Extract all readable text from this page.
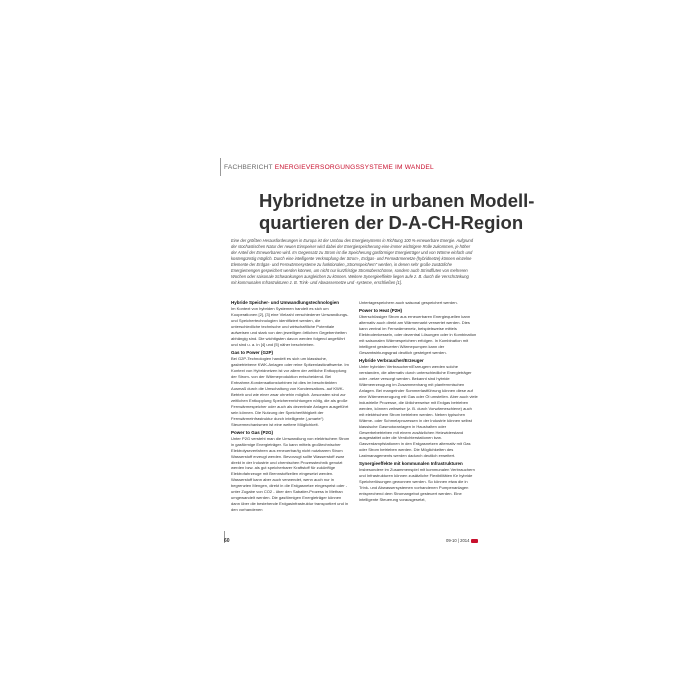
FACHBERICHT ENERGIEVERSORGUNGSSYSTEME IM WANDEL
Hybridnetze in urbanen Modell-
quartieren der D-A-CH-Region

Eine der größten Herausforderungen in Europa ist der Umbau des Energiesystems in Richtung 100 % erneuerbare Energie. Aufgrund der stochastischen Natur der neuen Einspeiser wird dabei der Energiespeicherung eine immer wichtigere Rolle zukommen, je höher der Anteil der Erneuerbaren wird. Im Gegensatz zu Strom ist die Speicherung gasförmiger Energieträger und von Wärme einfach und kostengünstig möglich. Durch eine intelligente Verknüpfung der Strom-, Erdgas- und Fernwärmenetze (hybridnetze) können einzelne Elemente der Erdgas- und Fernwärmesysteme zu funktionalen „Stromspeichern“ werden, in denen sehr große zusätzliche Energiemengen gespeichert werden können, um nicht nur kurzfristige Stromüberschüsse, sondern auch Strindfluten von mehreren Wochen oder saisonale Schwankungen ausgleichen zu können. Weitere Synergieeffekte liegen aufe z. B. durch die Verschränkung mit kommunalen Infrastrukturen z. B. Trink- und Abwassernetze und -systeme, erschließen [1].

Hybride Speicher- und Umwandlungstechnologien

Im Kontext von hybriden Systemen handelt es sich um Kooperationen [2], [3] eine Vielzahl verschiedener Umwandlungs- und Speichertechnologien identifiziert werden, die unterschiedliche technische und wirtschaftliche Potentiale aufweisen und stark von den jeweiligen örtlichen Gegebenheiten abhängig sind. Die wichtigsten davon werden folgend angeführt und sind u. a. in [4] und [5] näher beschrieben.

Gas to Power (G2P)

Bei G2P-Technologien handelt es sich um klassische, gasbetriebene KWK-Anlagen oder reine Spitzenlastkraftwerke. Im Kontext von Hybridnetzen ist vor allem der zeitliche Entkopplung der Strom- von der Wärmeproduktion entscheidend. Bei Entnahme-Kondensationsturbinen ist dies im beschränkten Ausmaß durch die Umschaltung von Kondensations- auf KWK-Betrieb und wie einer zwar ohnehin möglich. Ansonsten sind zur zeitlichen Entkopplung Speicherenrichtungen nötig, die als große Fernwärmespeicher oder auch als dezentrale Anlagen ausgeführt sein können. Die Nutzung der Speicherfähigkeit der Fernwärmeinfrastruktur durch intelligente („smarte“) Steuermechanismen ist eine weitere Möglichkeit.

Power to Gas (P2G)

Unter P2G versteht man die Umwandlung von elektrischem Strom in gasförmige Energieträger. So kann mittels großtechnischer Elektrolyseverfahren aus erneuerbar/ig nicht nutzbarem Strom Wasserstoff erzeugt werden. Bevorzugt sollte Wasserstoff zwar direkt in der Industrie und chemischen Prozesstechnik genutzt werden bzw. als gut speicherbarer Kraftstoff für zukünftige Elektrofahrzeuge mit Brennstoffzellen eingesetzt werden. Wasserstoff kann aber auch verwendet, wenn auch nur in begrenzten Mengen, direkt in die Erdgasnetze eingespeist oder - unter Zugabe von CO2 - über den Sabatier-Prozess in Methan umgewandelt werden. Die gasförmigen Energieträger können dann über die bestehende Erdgasinfrastruktur transportiert und in den vorhandenen

Untertagespeichern auch saisonal gespeichert werden.

Power to Heat (P2H)

Überschüssiger Strom aus erneuerbaren Energiequellen kann alternativ auch direkt am Wärmemarkt verwertet werden. Dies kann zentral im Fernwärmenetz, beispielsweise mittels Elektrodenkesseln, oder dezentral Lösungen oder in Kombination mit saisonalen Wärmespeichern erfolgen. In Kombination mit intelligent gesteuerten Wärmepumpen kann der Gesamtwirkungsgrad deutlich gesteigert werden.

Hybride Verbraucher/Erzeuger

Unter hybriden Verbrauchern/Erzeugern werden solche verstanden, die alternativ durch unterschiedliche Energieträger oder -netze versorgt werden. Bekannt sind hybride Wärmeerzeugung im Zusammenhang mit planfernmischen Anlagen. Bei mangelnder Sommerlastführung können diese auf eine Wärmeerzeugung mit Gas oder Öl umstellen. Aber auch viele industrielle Prozesse, die üblicherweise mit Erdgas betrieben werden, können zeitweise (z. B. durch Vorwärmeschiene) auch mit elektrischem Strom betrieben werden. Neben typischen Wärme- oder Schmelzprozessen in der Industrie können selbst klassische Gasmotoranlagen in Haushalten oder Gewerbebetrieben mit einem zusätzlichen Heizwiderstand ausgestattet oder die Verdichterstationen bzw. Gasverdampfstationen in den Erdgasnetzen alternativ mit Gas oder Strom betrieben werden. Die Möglichkeiten des Lastmanagements werden dadurch deutlich erweitert.

Synergieeffekte mit kommunalen Infrastrukturen

Insbesondere im Zusammenspiel mit kommunalen Verbrauchern und Infrastrukturen können zusätzliche Flexibilitäten für hybride Speicherlösungen gewonnen werden. So können etwa die in Trink- und Abwassersystemen vorhandenen Pumpenanlagen entsprechend dem Stromangebot gesteuert werden. Eine intelligente Steuerung vorausgesetzt,

60	09-10 | 2014
